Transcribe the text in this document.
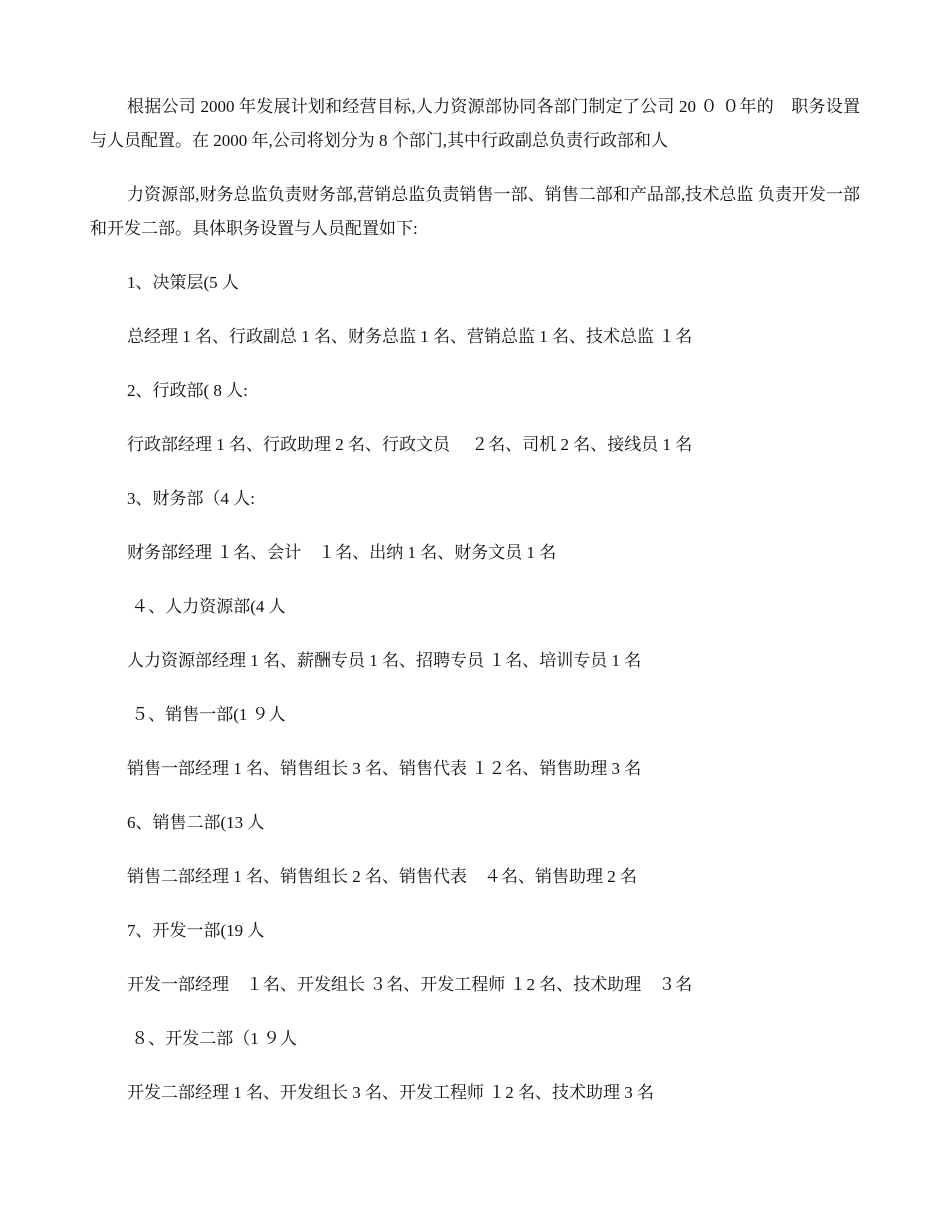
根据公司 2000 年发展计划和经营目标,人力资源部协同各部门制定了公司 20 ０ ０年的　职务设置与人员配置。在 2000 年,公司将划分为 8 个部门,其中行政副总负责行政部和人

力资源部,财务总监负责财务部,营销总监负责销售一部、销售二部和产品部,技术总监 负责开发一部和开发二部。具体职务设置与人员配置如下:

1、决策层(5 人

总经理 1 名、行政副总 1 名、财务总监 1 名、营销总监 1 名、技术总监 １名

2、行政部( 8 人:

行政部经理 1 名、行政助理 2 名、行政文员　 ２名、司机 2 名、接线员 1 名

3、财务部（4 人:

财务部经理 １名、会计　１名、出纳 1 名、财务文员 1 名

４、人力资源部(4 人

人力资源部经理 1 名、薪酬专员 1 名、招聘专员 １名、培训专员 1 名

５、销售一部(1 ９人

销售一部经理 1 名、销售组长 3 名、销售代表 １２名、销售助理 3 名

6、销售二部(13 人

销售二部经理 1 名、销售组长 2 名、销售代表　４名、销售助理 2 名

7、开发一部(19 人

开发一部经理　１名、开发组长 ３名、开发工程师 １2 名、技术助理　３名

８、开发二部（1 ９人

开发二部经理 1 名、开发组长 3 名、开发工程师 １2 名、技术助理 3 名
